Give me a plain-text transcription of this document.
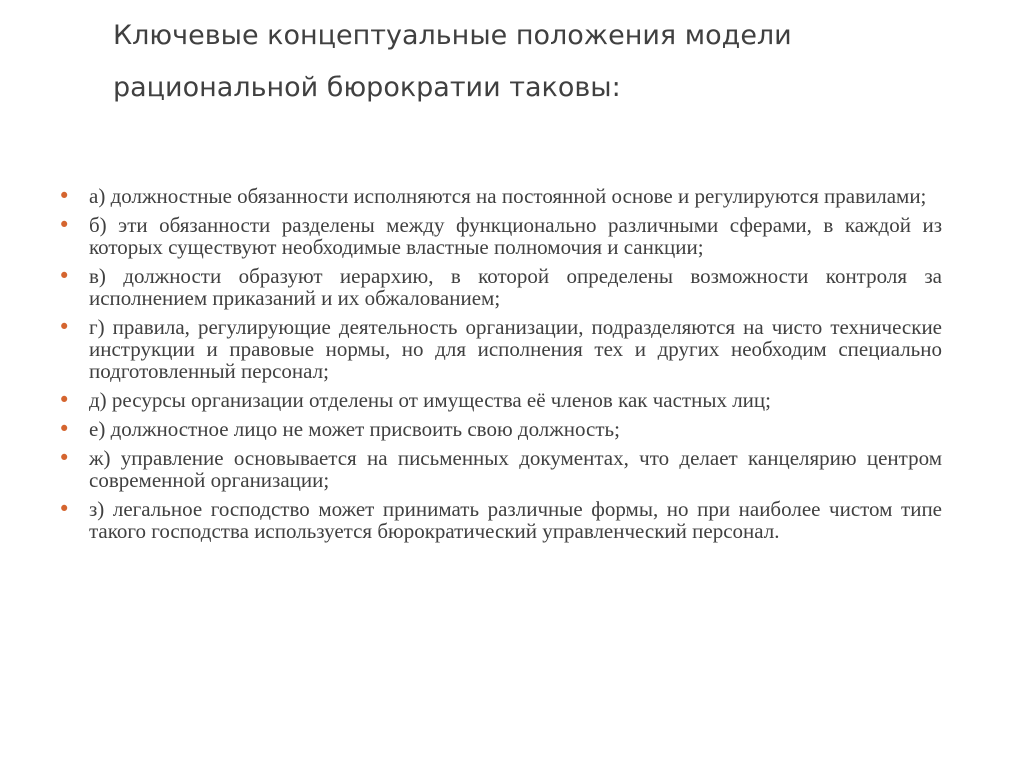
Ключевые концептуальные положения модели рациональной бюрократии таковы:
• а) должностные обязанности исполняются на постоянной основе и регулируются правилами;
• б) эти обязанности разделены между функционально различными сферами, в каждой из которых существуют необходимые властные полномочия и санкции;
• в) должности образуют иерархию, в которой определены возможности контроля за исполнением приказаний и их обжалованием;
• г) правила, регулирующие деятельность организации, подразделяются на чисто технические инструкции и правовые нормы, но для исполнения тех и других необходим специально подготовленный персонал;
• д) ресурсы организации отделены от имущества её членов как частных лиц;
• е) должностное лицо не может присвоить свою должность;
• ж) управление основывается на письменных документах, что делает канцелярию центром современной организации;
• з) легальное господство может принимать различные формы, но при наиболее чистом типе такого господства используется бюрократический управленческий персонал.
